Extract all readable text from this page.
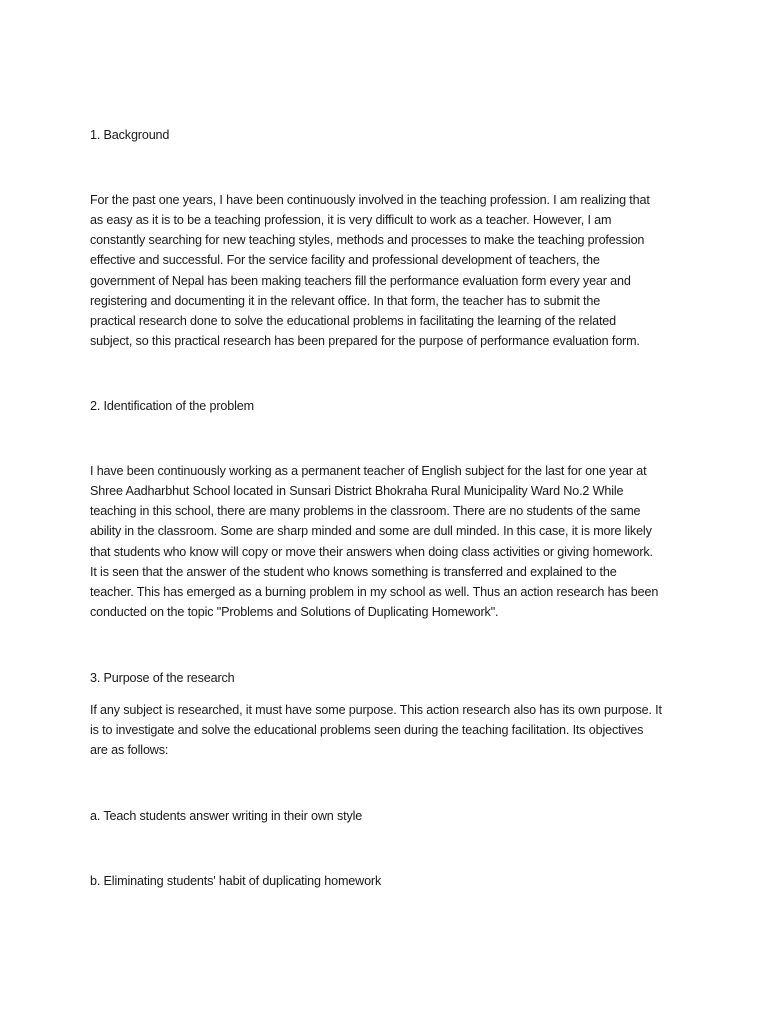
1. Background

For the past one years, I have been continuously involved in the teaching profession. I am realizing that
as easy as it is to be a teaching profession, it is very difficult to work as a teacher. However, I am
constantly searching for new teaching styles, methods and processes to make the teaching profession
effective and successful. For the service facility and professional development of teachers, the
government of Nepal has been making teachers fill the performance evaluation form every year and
registering and documenting it in the relevant office. In that form, the teacher has to submit the
practical research done to solve the educational problems in facilitating the learning of the related
subject, so this practical research has been prepared for the purpose of performance evaluation form.

2. Identification of the problem

I have been continuously working as a permanent teacher of English subject for the last for one year at
Shree Aadharbhut School located in Sunsari District Bhokraha Rural Municipality Ward No.2 While
teaching in this school, there are many problems in the classroom. There are no students of the same
ability in the classroom. Some are sharp minded and some are dull minded. In this case, it is more likely
that students who know will copy or move their answers when doing class activities or giving homework.
It is seen that the answer of the student who knows something is transferred and explained to the
teacher. This has emerged as a burning problem in my school as well. Thus an action research has been
conducted on the topic "Problems and Solutions of Duplicating Homework".

3. Purpose of the research

If any subject is researched, it must have some purpose. This action research also has its own purpose. It
is to investigate and solve the educational problems seen during the teaching facilitation. Its objectives
are as follows:

a. Teach students answer writing in their own style

b. Eliminating students' habit of duplicating homework
